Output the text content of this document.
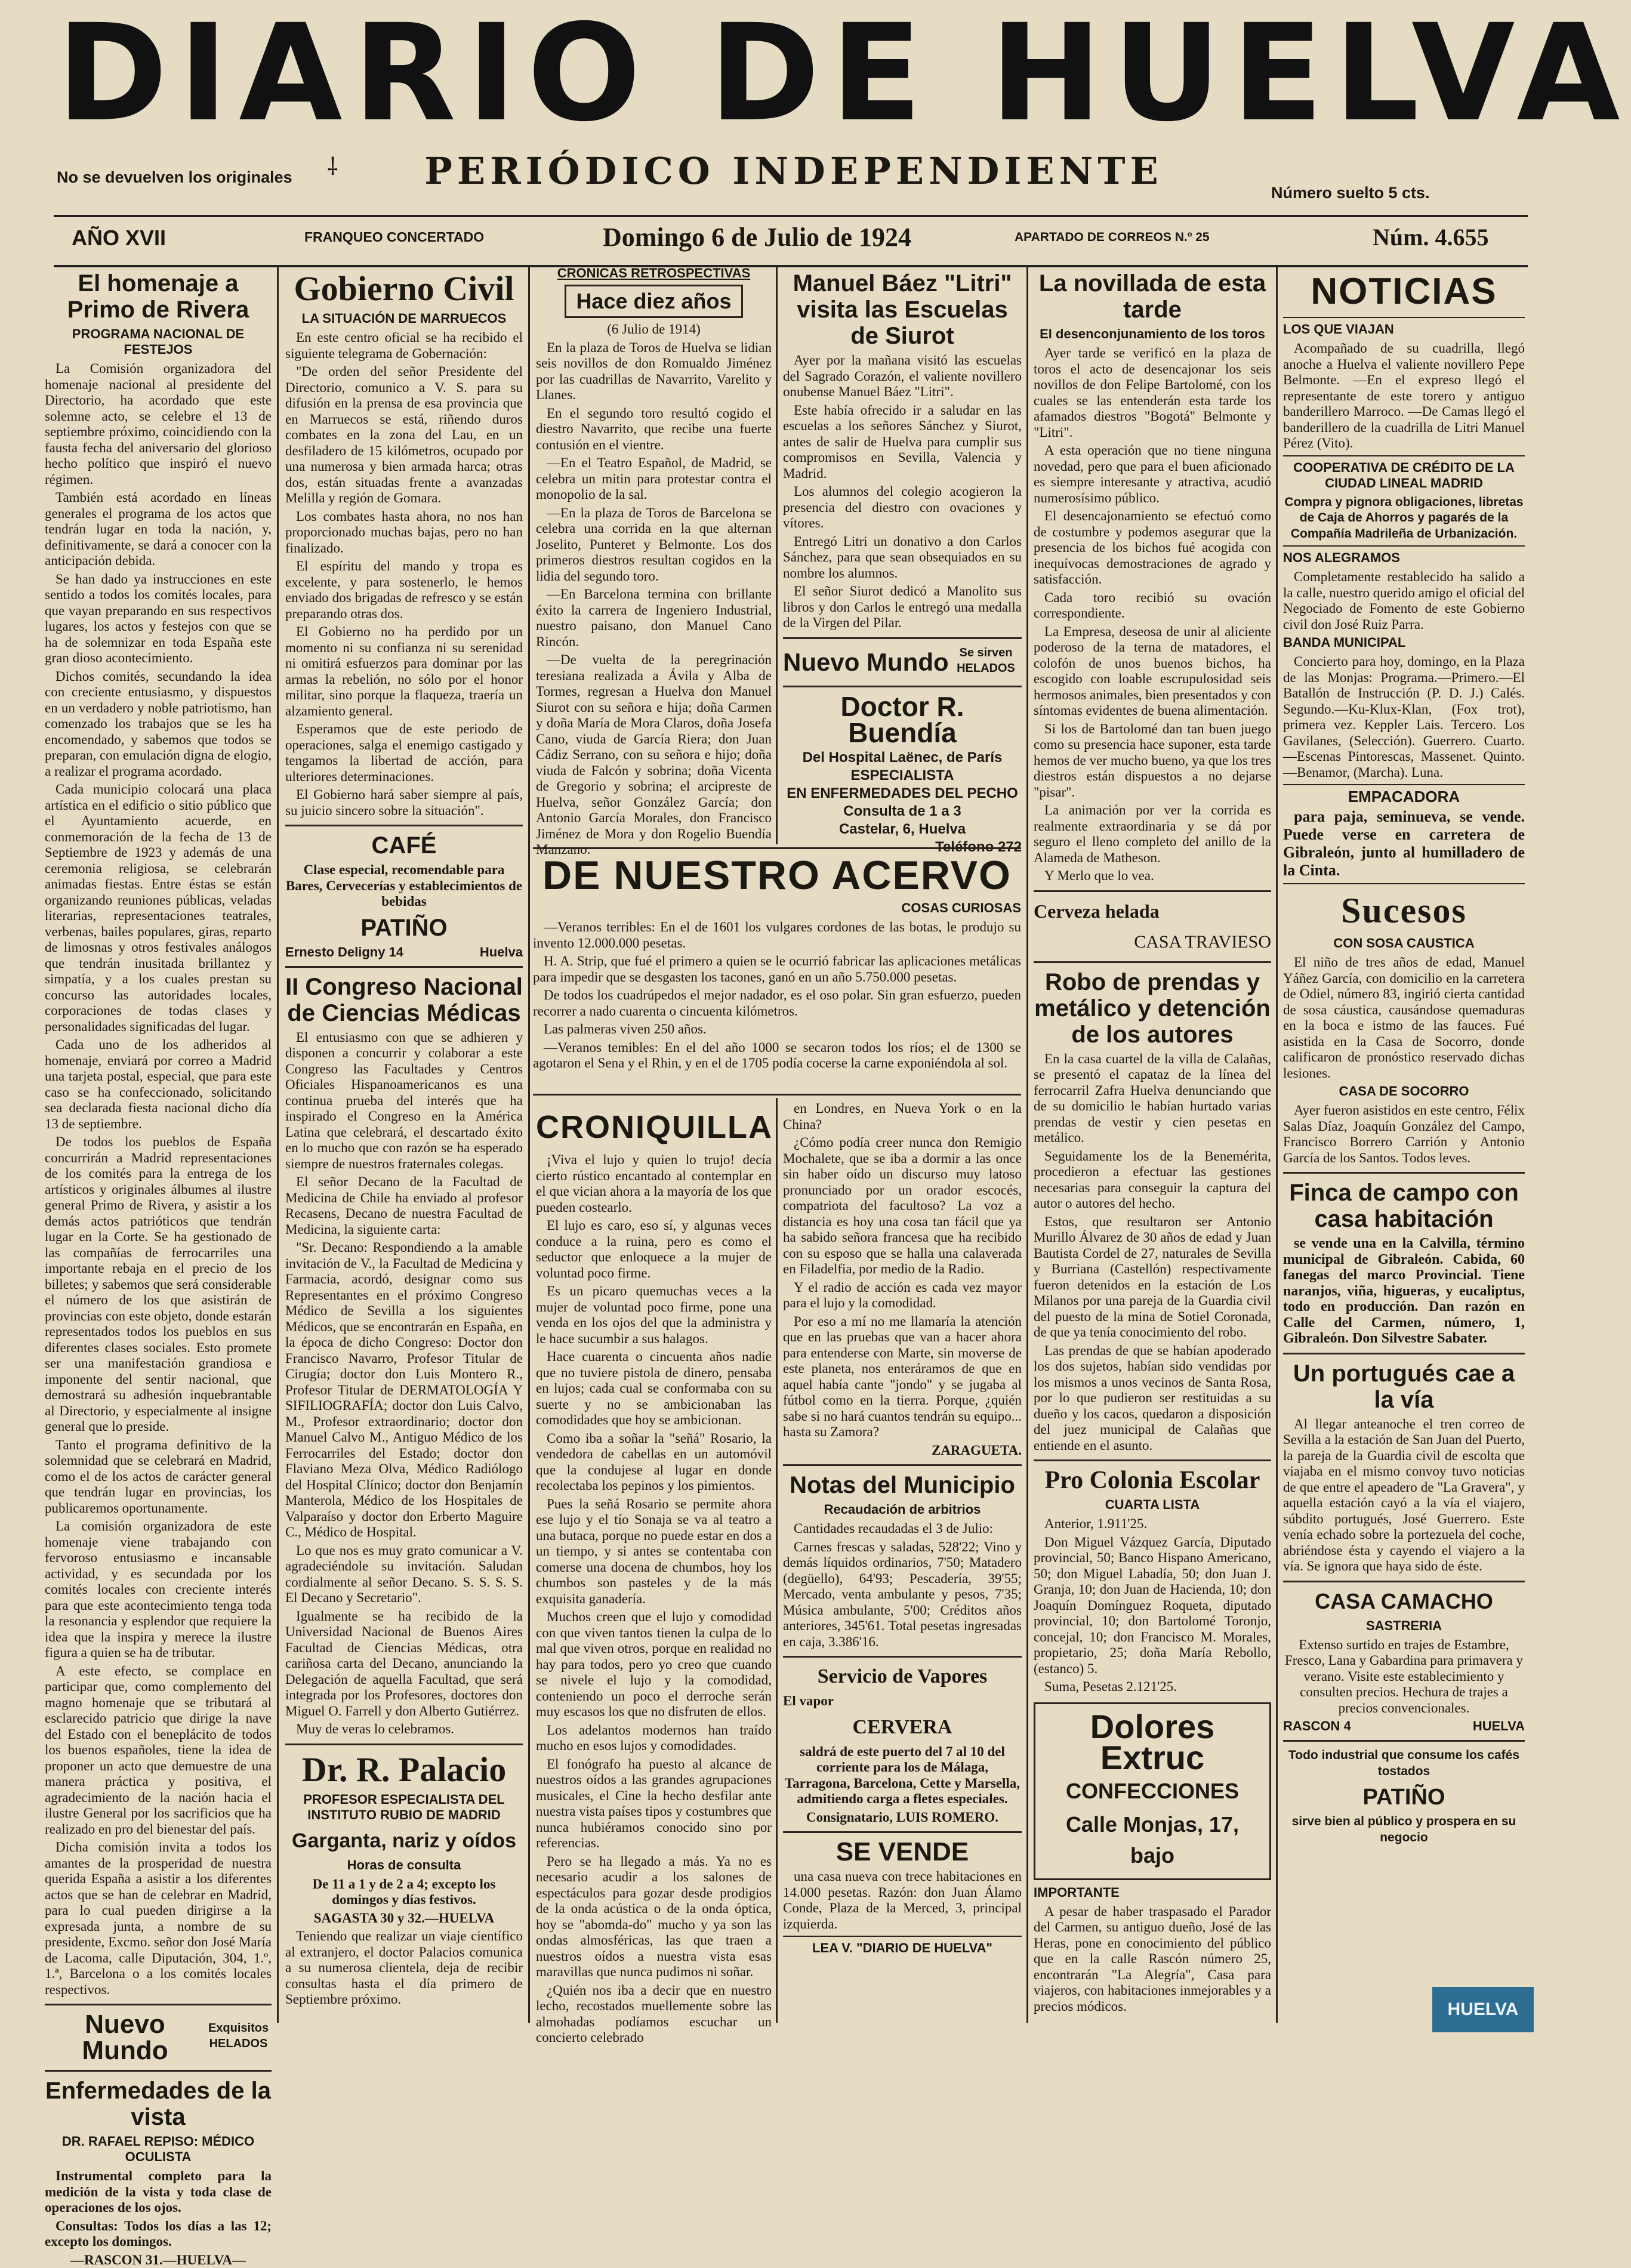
DIARIO DE HUELVA
No se devuelven los originales ⸸	PERIÓDICO INDEPENDIENTE	Número suelto 5 cts.
AÑO XVII	FRANQUEO CONCERTADO	Domingo 6 de Julio de 1924	APARTADO DE CORREOS N.º 25	Núm. 4.655
El homenaje a Primo de Rivera
PROGRAMA NACIONAL DE FESTEJOS

La Comisión organizadora del homenaje nacional al presidente del Directorio, ha acordado que este solemne acto, se celebre el 13 de septiembre próximo, coincidiendo con la fausta fecha del aniversario del glorioso hecho político que inspiró el nuevo régimen.

También está acordado en líneas generales el programa de los actos que tendrán lugar en toda la nación, y, definitivamente, se dará a conocer con la anticipación debida.

Se han dado ya instrucciones en este sentido a todos los comités locales, para que vayan preparando en sus respectivos lugares, los actos y festejos con que se ha de solemnizar en toda España este gran dioso acontecimiento.

Dichos comités, secundando la idea con creciente entusiasmo, y dispuestos en un verdadero y noble patriotismo, han comenzado los trabajos que se les ha encomendado, y sabemos que todos se preparan, con emulación digna de elogio, a realizar el programa acordado.

Cada municipio colocará una placa artística en el edificio o sitio público que el Ayuntamiento acuerde, en conmemoración de la fecha de 13 de Septiembre de 1923 y además de una ceremonia religiosa, se celebrarán animadas fiestas. Entre éstas se están organizando reuniones públicas, veladas literarias, representaciones teatrales, verbenas, bailes populares, giras, reparto de limosnas y otros festivales análogos que tendrán inusitada brillantez y simpatía, y a los cuales prestan su concurso las autoridades locales, corporaciones de todas clases y personalidades significadas del lugar.

Cada uno de los adheridos al homenaje, enviará por correo a Madrid una tarjeta postal, especial, que para este caso se ha confeccionado, solicitando sea declarada fiesta nacional dicho día 13 de septiembre.

De todos los pueblos de España concurrirán a Madrid representaciones de los comités para la entrega de los artísticos y originales álbumes al ilustre general Primo de Rivera, y asistir a los demás actos patrióticos que tendrán lugar en la Corte. Se ha gestionado de las compañías de ferrocarriles una importante rebaja en el precio de los billetes; y sabemos que será considerable el número de los que asistirán de provincias con este objeto, donde estarán representados todos los pueblos en sus diferentes clases sociales. Esto promete ser una manifestación grandiosa e imponente del sentir nacional, que demostrará su adhesión inquebrantable al Directorio, y especialmente al insigne general que lo preside.

Tanto el programa definitivo de la solemnidad que se celebrará en Madrid, como el de los actos de carácter general que tendrán lugar en provincias, los publicaremos oportunamente.

La comisión organizadora de este homenaje viene trabajando con fervoroso entusiasmo e incansable actividad, y es secundada por los comités locales con creciente interés para que este acontecimiento tenga toda la resonancia y esplendor que requiere la idea que la inspira y merece la ilustre figura a quien se ha de tributar.

A este efecto, se complace en participar que, como complemento del magno homenaje que se tributará al esclarecido patricio que dirige la nave del Estado con el beneplácito de todos los buenos españoles, tiene la idea de proponer un acto que demuestre de una manera práctica y positiva, el agradecimiento de la nación hacia el ilustre General por los sacrificios que ha realizado en pro del bienestar del país.

Dicha comisión invita a todos los amantes de la prosperidad de nuestra querida España a asistir a los diferentes actos que se han de celebrar en Madrid, para lo cual pueden dirigirse a la expresada junta, a nombre de su presidente, Excmo. señor don José María de Lacoma, calle Diputación, 304, 1.º, 1.ª, Barcelona o a los comités locales respectivos.

Nuevo Mundo
Exquisitos HELADOS
Enfermedades de la vista
DR. RAFAEL REPISO: MÉDICO OCULISTA

Instrumental completo para la medición de la vista y toda clase de operaciones de los ojos.

Consultas: Todos los días a las 12; excepto los domingos.

—RASCON 31.—HUELVA—

Gobierno Civil
LA SITUACIÓN DE MARRUECOS

En este centro oficial se ha recibido el siguiente telegrama de Gobernación:

"De orden del señor Presidente del Directorio, comunico a V. S. para su difusión en la prensa de esa provincia que en Marruecos se está, riñendo duros combates en la zona del Lau, en un desfiladero de 15 kilómetros, ocupado por una numerosa y bien armada harca; otras dos, están situadas frente a avanzadas Melilla y región de Gomara.

Los combates hasta ahora, no nos han proporcionado muchas bajas, pero no han finalizado.

El espíritu del mando y tropa es excelente, y para sostenerlo, le hemos enviado dos brigadas de refresco y se están preparando otras dos.

El Gobierno no ha perdido por un momento ni su confianza ni su serenidad ni omitirá esfuerzos para dominar por las armas la rebelión, no sólo por el honor militar, sino porque la flaqueza, traería un alzamiento general.

Esperamos que de este periodo de operaciones, salga el enemigo castigado y tengamos la libertad de acción, para ulteriores determinaciones.

El Gobierno hará saber siempre al país, su juicio sincero sobre la situación".

CAFÉ

Clase especial, recomendable para Bares, Cervecerías y establecimientos de bebidas

PATIÑO
Ernesto Deligny 14	Huelva
II Congreso Nacional de Ciencias Médicas

El entusiasmo con que se adhieren y disponen a concurrir y colaborar a este Congreso las Facultades y Centros Oficiales Hispanoamericanos es una continua prueba del interés que ha inspirado el Congreso en la América Latina que celebrará, el descartado éxito en lo mucho que con razón se ha esperado siempre de nuestros fraternales colegas.

El señor Decano de la Facultad de Medicina de Chile ha enviado al profesor Recasens, Decano de nuestra Facultad de Medicina, la siguiente carta:

"Sr. Decano: Respondiendo a la amable invitación de V., la Facultad de Medicina y Farmacia, acordó, designar como sus Representantes en el próximo Congreso Médico de Sevilla a los siguientes Médicos, que se encontrarán en España, en la época de dicho Congreso: Doctor don Francisco Navarro, Profesor Titular de Cirugía; doctor don Luis Montero R., Profesor Titular de DERMATOLOGÍA Y SIFILIOGRAFÍA; doctor don Luis Calvo, M., Profesor extraordinario; doctor don Manuel Calvo M., Antiguo Médico de los Ferrocarriles del Estado; doctor don Flaviano Meza Olva, Médico Radiólogo del Hospital Clínico; doctor don Benjamín Manterola, Médico de los Hospitales de Valparaíso y doctor don Erberto Maguire C., Médico de Hospital.

Lo que nos es muy grato comunicar a V. agradeciéndole su invitación. Saludan cordialmente al señor Decano. S. S. S. S. El Decano y Secretario".

Igualmente se ha recibido de la Universidad Nacional de Buenos Aires Facultad de Ciencias Médicas, otra cariñosa carta del Decano, anunciando la Delegación de aquella Facultad, que será integrada por los Profesores, doctores don Miguel O. Farrell y don Alberto Gutiérrez.

Muy de veras lo celebramos.

Dr. R. Palacio
PROFESOR ESPECIALISTA DEL INSTITUTO RUBIO DE MADRID
Garganta, nariz y oídos
Horas de consulta

De 11 a 1 y de 2 a 4; excepto los domingos y días festivos.

SAGASTA 30 y 32.—HUELVA

Teniendo que realizar un viaje científico al extranjero, el doctor Palacios comunica a su numerosa clientela, deja de recibir consultas hasta el día primero de Septiembre próximo.

CRÓNICAS RETROSPECTIVAS
Hace diez años

(6 Julio de 1914)

En la plaza de Toros de Huelva se lidian seis novillos de don Romualdo Jiménez por las cuadrillas de Navarrito, Varelito y Llanes.

En el segundo toro resultó cogido el diestro Navarrito, que recibe una fuerte contusión en el vientre.

—En el Teatro Español, de Madrid, se celebra un mitin para protestar contra el monopolio de la sal.

—En la plaza de Toros de Barcelona se celebra una corrida en la que alternan Joselito, Punteret y Belmonte. Los dos primeros diestros resultan cogidos en la lidia del segundo toro.

—En Barcelona termina con brillante éxito la carrera de Ingeniero Industrial, nuestro paisano, don Manuel Cano Rincón.

—De vuelta de la peregrinación teresiana realizada a Ávila y Alba de Tormes, regresan a Huelva don Manuel Siurot con su señora e hija; doña Carmen y doña María de Mora Claros, doña Josefa Cano, viuda de García Riera; don Juan Cádiz Serrano, con su señora e hijo; doña viuda de Falcón y sobrina; doña Vicenta de Gregorio y sobrina; el arcipreste de Huelva, señor González García; don Antonio García Morales, don Francisco Jiménez de Mora y don Rogelio Buendía Manzano.

Manuel Báez "Litri" visita las Escuelas de Siurot

Ayer por la mañana visitó las escuelas del Sagrado Corazón, el valiente novillero onubense Manuel Báez "Litri".

Este había ofrecido ir a saludar en las escuelas a los señores Sánchez y Siurot, antes de salir de Huelva para cumplir sus compromisos en Sevilla, Valencia y Madrid.

Los alumnos del colegio acogieron la presencia del diestro con ovaciones y vítores.

Entregó Litri un donativo a don Carlos Sánchez, para que sean obsequiados en su nombre los alumnos.

El señor Siurot dedicó a Manolito sus libros y don Carlos le entregó una medalla de la Virgen del Pilar.

Nuevo Mundo Se sirven HELADOS
Doctor R. Buendía
Del Hospital Laënec, de París
ESPECIALISTA
EN ENFERMEDADES DEL PECHO
Consulta de 1 a 3
Castelar, 6, Huelva
Teléfono 272
DE NUESTRO ACERVO
COSAS CURIOSAS

—Veranos terribles: En el de 1601 los vulgares cordones de las botas, le produjo su invento 12.000.000 pesetas.

H. A. Strip, que fué el primero a quien se le ocurrió fabricar las aplicaciones metálicas para impedir que se desgasten los tacones, ganó en un año 5.750.000 pesetas.

De todos los cuadrúpedos el mejor nadador, es el oso polar. Sin gran esfuerzo, pueden recorrer a nado cuarenta o cincuenta kilómetros.

Las palmeras viven 250 años.

—Veranos temibles: En el del año 1000 se secaron todos los ríos; el de 1300 se agotaron el Sena y el Rhin, y en el de 1705 podía cocerse la carne exponiéndola al sol.

CRONIQUILLA

¡Viva el lujo y quien lo trujo! decía cierto rústico encantado al contemplar en el que vician ahora a la mayoría de los que pueden costearlo.

El lujo es caro, eso sí, y algunas veces conduce a la ruina, pero es como el seductor que enloquece a la mujer de voluntad poco firme.

Es un picaro quemuchas veces a la mujer de voluntad poco firme, pone una venda en los ojos del que la administra y le hace sucumbir a sus halagos.

Hace cuarenta o cincuenta años nadie que no tuviere pistola de dinero, pensaba en lujos; cada cual se conformaba con su suerte y no se ambicionaban las comodidades que hoy se ambicionan.

Como iba a soñar la "señá" Rosario, la vendedora de cabellas en un automóvil que la condujese al lugar en donde recolectaba los pepinos y los pimientos.

Pues la señá Rosario se permite ahora ese lujo y el tío Sonaja se va al teatro a una butaca, porque no puede estar en dos a un tiempo, y si antes se contentaba con comerse una docena de chumbos, hoy los chumbos son pasteles y de la más exquisita ganadería.

Muchos creen que el lujo y comodidad con que viven tantos tienen la culpa de lo mal que viven otros, porque en realidad no hay para todos, pero yo creo que cuando se nivele el lujo y la comodidad, conteniendo un poco el derroche serán muy escasos los que no disfruten de ellos.

Los adelantos modernos han traído mucho en esos lujos y comodidades.

El fonógrafo ha puesto al alcance de nuestros oídos a las grandes agrupaciones musicales, el Cine la hecho desfilar ante nuestra vista países tipos y costumbres que nunca hubiéramos conocido sino por referencias.

Pero se ha llegado a más. Ya no es necesario acudir a los salones de espectáculos para gozar desde prodigios de la onda acústica o de la onda óptica, hoy se "abomda-do" mucho y ya son las ondas almosféricas, las que traen a nuestros oídos a nuestra vista esas maravillas que nunca pudimos ni soñar.

¿Quién nos iba a decir que en nuestro lecho, recostados muellemente sobre las almohadas podíamos escuchar un concierto celebrado

en Londres, en Nueva York o en la China?

¿Cómo podía creer nunca don Remigio Mochalete, que se iba a dormir a las once sin haber oído un discurso muy latoso pronunciado por un orador escocés, compatriota del facultoso? La voz a distancia es hoy una cosa tan fácil que ya ha sabido señora francesa que ha recibido con su esposo que se halla una calaverada en Filadelfia, por medio de la Radio.

Y el radio de acción es cada vez mayor para el lujo y la comodidad.

Por eso a mí no me llamaría la atención que en las pruebas que van a hacer ahora para entenderse con Marte, sin moverse de este planeta, nos enteráramos de que en aquel había cante "jondo" y se jugaba al fútbol como en la tierra. Porque, ¿quién sabe si no hará cuantos tendrán su equipo... hasta su Zamora?

ZARAGUETA.

Notas del Municipio
Recaudación de arbitrios

Cantidades recaudadas el 3 de Julio:

Carnes frescas y saladas, 528'22; Vino y demás líquidos ordinarios, 7'50; Matadero (degüello), 64'93; Pescadería, 39'55; Mercado, venta ambulante y pesos, 7'35; Música ambulante, 5'00; Créditos años anteriores, 345'61. Total pesetas ingresadas en caja, 3.386'16.

Servicio de Vapores

El vapor

CERVERA

saldrá de este puerto del 7 al 10 del corriente para los de Málaga, Tarragona, Barcelona, Cette y Marsella, admitiendo carga a fletes especiales.

Consignatario, LUIS ROMERO.

SE VENDE

una casa nueva con trece habitaciones en 14.000 pesetas. Razón: don Juan Álamo Conde, Plaza de la Merced, 3, principal izquierda.

LEA V. "DIARIO DE HUELVA"
La novillada de esta tarde
El desenconjunamiento de los toros

Ayer tarde se verificó en la plaza de toros el acto de desencajonar los seis novillos de don Felipe Bartolomé, con los cuales se las entenderán esta tarde los afamados diestros "Bogotá" Belmonte y "Litri".

A esta operación que no tiene ninguna novedad, pero que para el buen aficionado es siempre interesante y atractiva, acudió numerosísimo público.

El desencajonamiento se efectuó como de costumbre y podemos asegurar que la presencia de los bichos fué acogida con inequívocas demostraciones de agrado y satisfacción.

Cada toro recibió su ovación correspondiente.

La Empresa, deseosa de unir al aliciente poderoso de la terna de matadores, el colofón de unos buenos bichos, ha escogido con loable escrupulosidad seis hermosos animales, bien presentados y con síntomas evidentes de buena alimentación.

Si los de Bartolomé dan tan buen juego como su presencia hace suponer, esta tarde hemos de ver mucho bueno, ya que los tres diestros están dispuestos a no dejarse "pisar".

La animación por ver la corrida es realmente extraordinaria y se dá por seguro el lleno completo del anillo de la Alameda de Matheson.

Y Merlo que lo vea.

Cerveza helada
CASA TRAVIESO
Robo de prendas y metálico y detención de los autores

En la casa cuartel de la villa de Calañas, se presentó el capataz de la línea del ferrocarril Zafra Huelva denunciando que de su domicilio le habían hurtado varias prendas de vestir y cien pesetas en metálico.

Seguidamente los de la Benemérita, procedieron a efectuar las gestiones necesarias para conseguir la captura del autor o autores del hecho.

Estos, que resultaron ser Antonio Murillo Álvarez de 30 años de edad y Juan Bautista Cordel de 27, naturales de Sevilla y Burriana (Castellón) respectivamente fueron detenidos en la estación de Los Milanos por una pareja de la Guardia civil del puesto de la mina de Sotiel Coronada, de que ya tenía conocimiento del robo.

Las prendas de que se habían apoderado los dos sujetos, habían sido vendidas por los mismos a unos vecinos de Santa Rosa, por lo que pudieron ser restituidas a su dueño y los cacos, quedaron a disposición del juez municipal de Calañas que entiende en el asunto.

Pro Colonia Escolar
CUARTA LISTA

Anterior, 1.911'25.

Don Miguel Vázquez García, Diputado provincial, 50; Banco Hispano Americano, 50; don Miguel Labadía, 50; don Juan J. Granja, 10; don Juan de Hacienda, 10; don Joaquín Domínguez Roqueta, diputado provincial, 10; don Bartolomé Toronjo, concejal, 10; don Francisco M. Morales, propietario, 25; doña María Rebollo, (estanco) 5.

Suma, Pesetas 2.121'25.

Dolores Extruc
CONFECCIONES
Calle Monjas, 17, bajo
IMPORTANTE

A pesar de haber traspasado el Parador del Carmen, su antiguo dueño, José de las Heras, pone en conocimiento del público que en la calle Rascón número 25, encontrarán "La Alegría", Casa para viajeros, con habitaciones inmejorables y a precios módicos.

NOTICIAS
LOS QUE VIAJAN

Acompañado de su cuadrilla, llegó anoche a Huelva el valiente novillero Pepe Belmonte. —En el expreso llegó el representante de este torero y antiguo banderillero Marroco. —De Camas llegó el banderillero de la cuadrilla de Litri Manuel Pérez (Vito).

COOPERATIVA DE CRÉDITO DE LA CIUDAD LINEAL MADRID

Compra y pignora obligaciones, libretas de Caja de Ahorros y pagarés de la Compañía Madrileña de Urbanización.

NOS ALEGRAMOS

Completamente restablecido ha salido a la calle, nuestro querido amigo el oficial del Negociado de Fomento de este Gobierno civil don José Ruiz Parra.

BANDA MUNICIPAL

Concierto para hoy, domingo, en la Plaza de las Monjas: Programa.—Primero.—El Batallón de Instrucción (P. D. J.) Calés. Segundo.—Ku-Klux-Klan, (Fox trot), primera vez. Keppler Lais. Tercero. Los Gavilanes, (Selección). Guerrero. Cuarto.—Escenas Pintorescas, Massenet. Quinto.—Benamor, (Marcha). Luna.

EMPACADORA

para paja, seminueva, se vende. Puede verse en carretera de Gibraleón, junto al humilladero de la Cinta.

Sucesos
CON SOSA CAUSTICA

El niño de tres años de edad, Manuel Yáñez García, con domicilio en la carretera de Odiel, número 83, ingirió cierta cantidad de sosa cáustica, causándose quemaduras en la boca e istmo de las fauces. Fué asistida en la Casa de Socorro, donde calificaron de pronóstico reservado dichas lesiones.

CASA DE SOCORRO

Ayer fueron asistidos en este centro, Félix Salas Díaz, Joaquín González del Campo, Francisco Borrero Carrión y Antonio García de los Santos. Todos leves.

Finca de campo con casa habitación

se vende una en la Calvilla, término municipal de Gibraleón. Cabida, 60 fanegas del marco Provincial. Tiene naranjos, viña, higueras, y eucaliptus, todo en producción. Dan razón en Calle del Carmen, número, 1, Gibraleón. Don Silvestre Sabater.

Un portugués cae a la vía

Al llegar anteanoche el tren correo de Sevilla a la estación de San Juan del Puerto, la pareja de la Guardia civil de escolta que viajaba en el mismo convoy tuvo noticias de que entre el apeadero de "La Gravera", y aquella estación cayó a la vía el viajero, súbdito portugués, José Guerrero. Este venía echado sobre la portezuela del coche, abriéndose ésta y cayendo el viajero a la vía. Se ignora que haya sido de éste.

CASA CAMACHO
SASTRERIA

Extenso surtido en trajes de Estambre, Fresco, Lana y Gabardina para primavera y verano. Visite este establecimiento y consulten precios. Hechura de trajes a precios convencionales.

RASCON 4	HUELVA

Todo industrial que consume los cafés tostados

PATIÑO

sirve bien al público y prospera en su negocio

HUELVA
